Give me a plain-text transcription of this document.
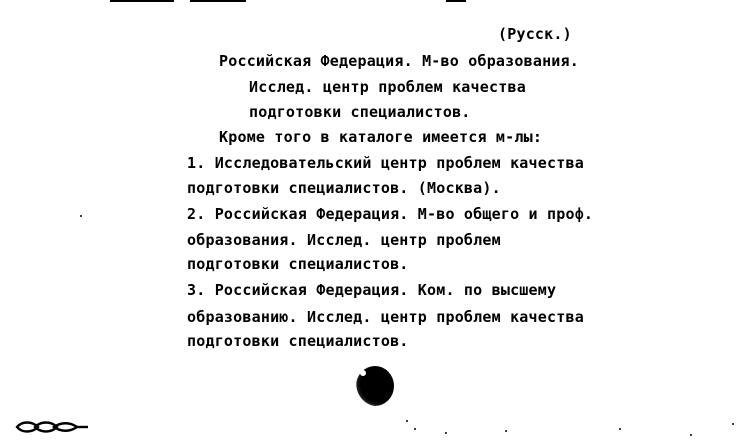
(Русск.)
Российская Федерация. М-во образования.
Исслед. центр проблем качества
подготовки специалистов.
Кроме того в каталоге имеется м-лы:
1. Исследовательский центр проблем качества
подготовки специалистов. (Москва).
2. Российская Федерация. М-во общего и проф.
образования. Исслед. центр проблем
подготовки специалистов.
3. Российская Федерация. Ком. по высшему
образованию. Исслед. центр проблем качества
подготовки специалистов.
